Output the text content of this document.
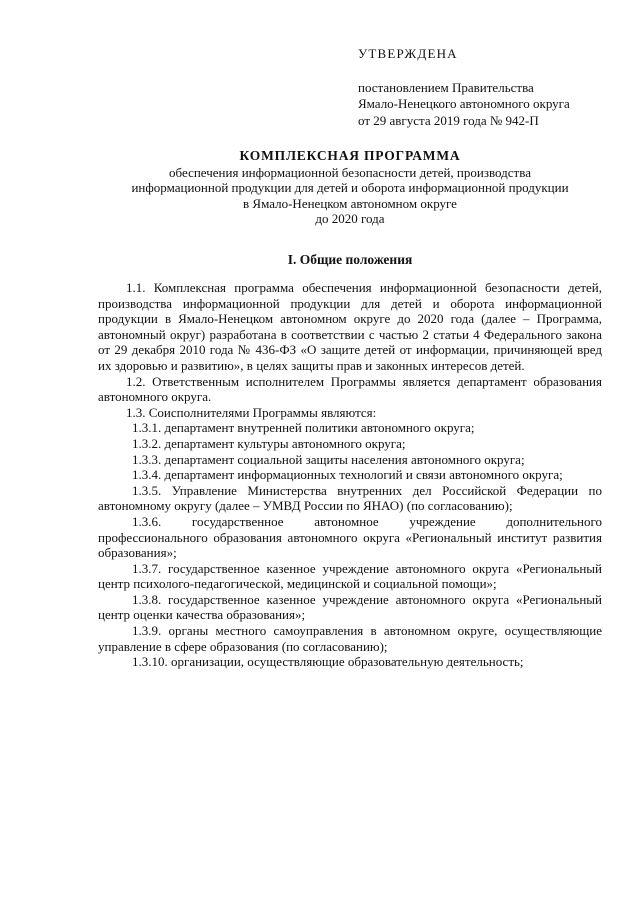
УТВЕРЖДЕНА
постановлением Правительства
Ямало-Ненецкого автономного округа
от 29 августа 2019 года № 942-П
КОМПЛЕКСНАЯ ПРОГРАММА
обеспечения информационной безопасности детей, производства
информационной продукции для детей и оборота информационной продукции
в Ямало-Ненецком автономном округе
до 2020 года
I. Общие положения

1.1. Комплексная программа обеспечения информационной безопасности детей, производства информационной продукции для детей и оборота информационной продукции в Ямало-Ненецком автономном округе до 2020 года (далее – Программа, автономный округ) разработана в соответствии с частью 2 статьи 4 Федерального закона от 29 декабря 2010 года № 436-ФЗ «О защите детей от информации, причиняющей вред их здоровью и развитию», в целях защиты прав и законных интересов детей.

1.2. Ответственным исполнителем Программы является департамент образования автономного округа.

1.3. Соисполнителями Программы являются:

1.3.1. департамент внутренней политики автономного округа;

1.3.2. департамент культуры автономного округа;

1.3.3. департамент социальной защиты населения автономного округа;

1.3.4. департамент информационных технологий и связи автономного округа;

1.3.5. Управление Министерства внутренних дел Российской Федерации по автономному округу (далее – УМВД России по ЯНАО) (по согласованию);

1.3.6. государственное автономное учреждение дополнительного профессионального образования автономного округа «Региональный институт развития образования»;

1.3.7. государственное казенное учреждение автономного округа «Региональный центр психолого-педагогической, медицинской и социальной помощи»;

1.3.8. государственное казенное учреждение автономного округа «Региональный центр оценки качества образования»;

1.3.9. органы местного самоуправления в автономном округе, осуществляющие управление в сфере образования (по согласованию);

1.3.10. организации, осуществляющие образовательную деятельность;
